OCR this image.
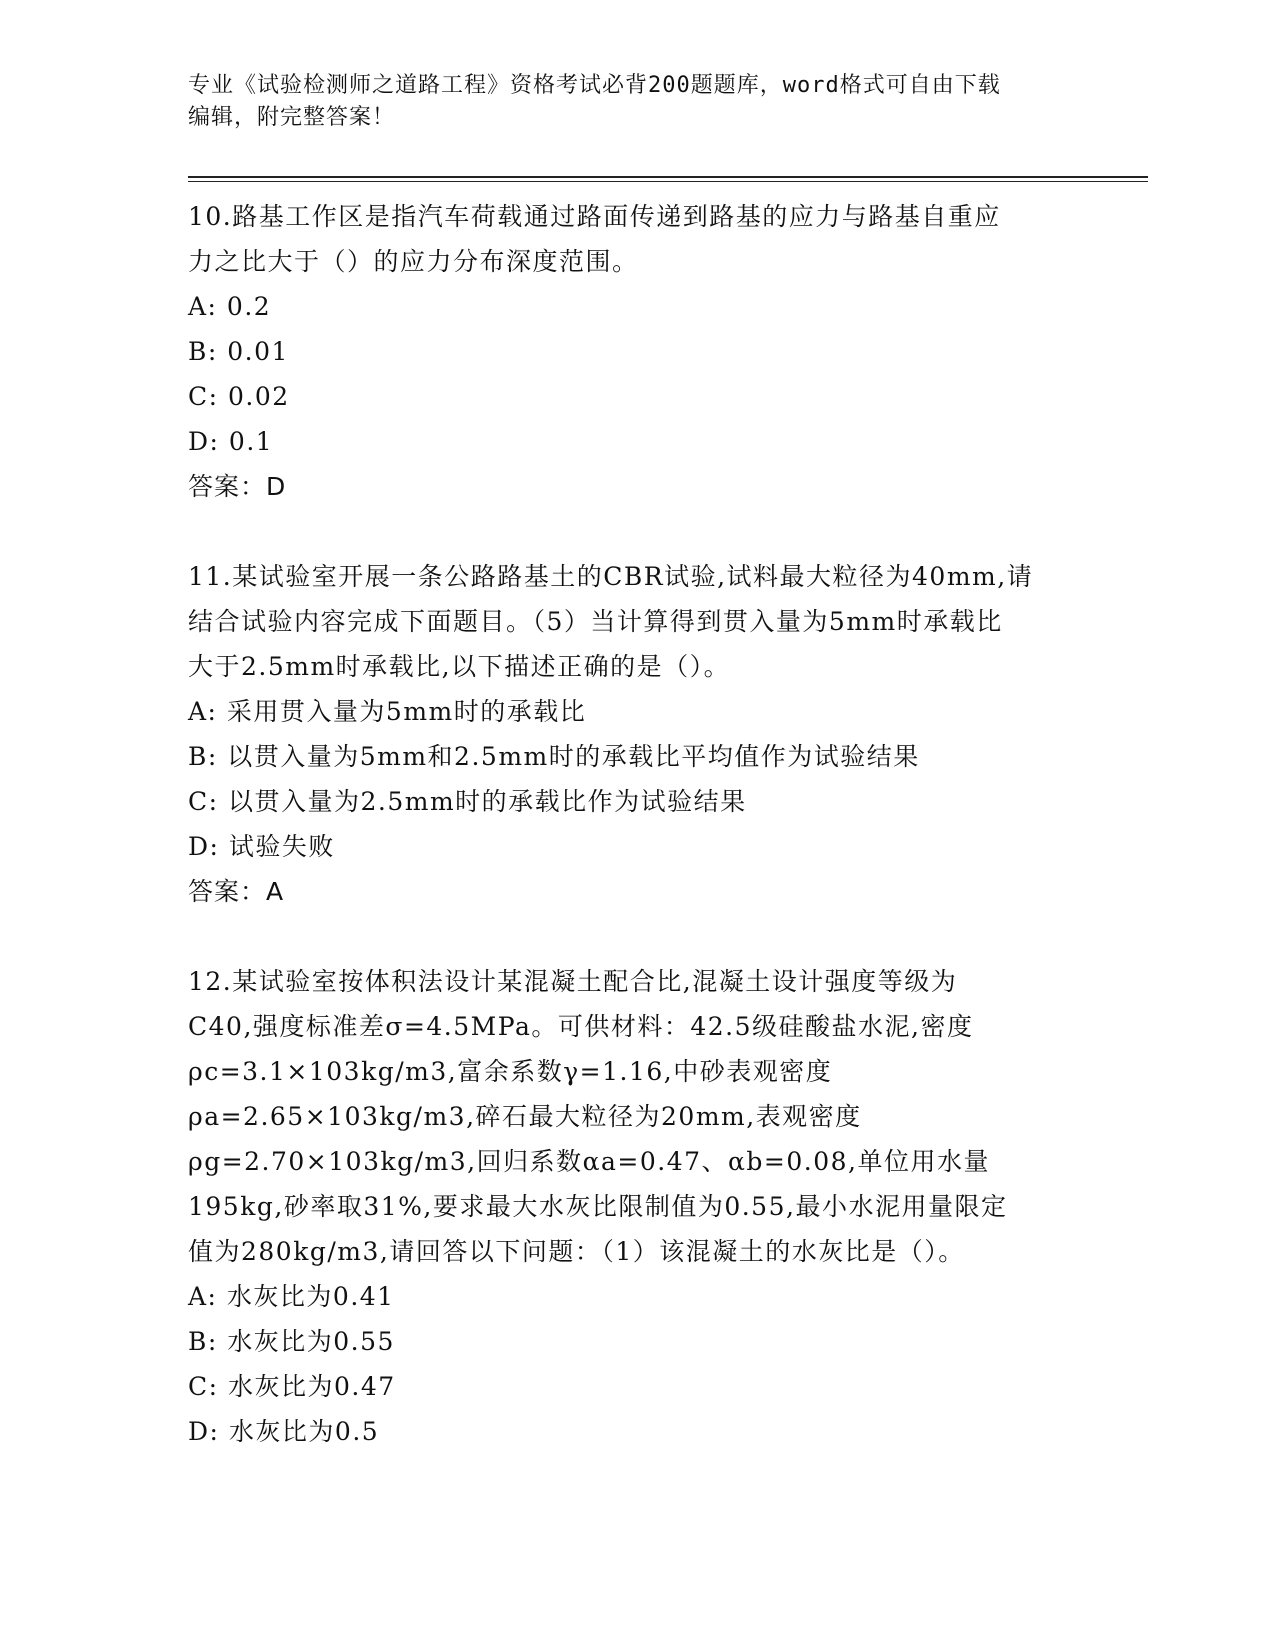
专业《试验检测师之道路工程》资格考试必背200题题库，word格式可自由下载
编辑，附完整答案！

10.路基工作区是指汽车荷载通过路面传递到路基的应力与路基自重应

力之比大于（）的应力分布深度范围。

A: 0.2

B: 0.01

C: 0.02

D: 0.1

答案：D

11.某试验室开展一条公路路基土的CBR试验,试料最大粒径为40mm,请

结合试验内容完成下面题目。（5）当计算得到贯入量为5mm时承载比

大于2.5mm时承载比,以下描述正确的是（）。

A: 采用贯入量为5mm时的承载比

B: 以贯入量为5mm和2.5mm时的承载比平均值作为试验结果

C: 以贯入量为2.5mm时的承载比作为试验结果

D: 试验失败

答案：A

12.某试验室按体积法设计某混凝土配合比,混凝土设计强度等级为

C40,强度标准差σ=4.5MPa。可供材料：42.5级硅酸盐水泥,密度

ρc=3.1×103kg/m3,富余系数γ=1.16,中砂表观密度

ρa=2.65×103kg/m3,碎石最大粒径为20mm,表观密度

ρg=2.70×103kg/m3,回归系数αa=0.47、αb=0.08,单位用水量

195kg,砂率取31%,要求最大水灰比限制值为0.55,最小水泥用量限定

值为280kg/m3,请回答以下问题：（1）该混凝土的水灰比是（）。

A: 水灰比为0.41

B: 水灰比为0.55

C: 水灰比为0.47

D: 水灰比为0.5
